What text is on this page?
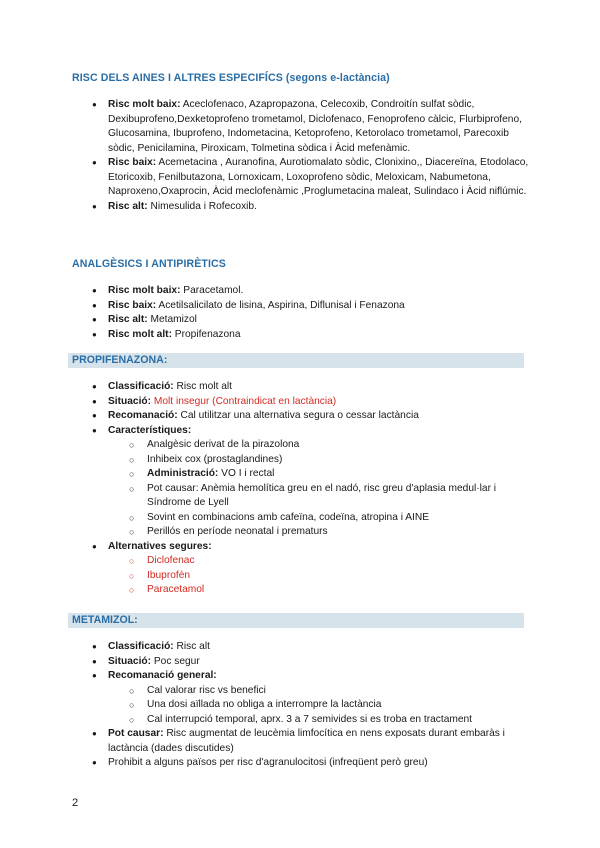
RISC DELS AINES I ALTRES ESPECIFÍCS (segons e-lactància)
● Risc molt baix: Aceclofenaco, Azapropazona, Celecoxib, Condroitín sulfat sòdic, Dexibuprofeno,Dexketoprofeno trometamol, Diclofenaco, Fenoprofeno càlcic, Flurbiprofeno, Glucosamina, Ibuprofeno, Indometacina, Ketoprofeno, Ketorolaco trometamol, Parecoxib sòdic, Penicilamina, Piroxicam, Tolmetina sòdica i Àcid mefenàmic.
● Risc baix: Acemetacina , Auranofina, Aurotiomalato sòdic, Clonixino,, Diacereïna, Etodolaco, Etoricoxib, Fenilbutazona, Lornoxicam, Loxoprofeno sòdic, Meloxicam, Nabumetona, Naproxeno,Oxaprocin, Àcid meclofenàmic ,Proglumetacina maleat, Sulindaco i Àcid niflúmic.
● Risc alt: Nimesulida i Rofecoxib.
ANALGÈSICS I ANTIPIRÈTICS
● Risc molt baix: Paracetamol.
● Risc baix: Acetilsalicilato de lisina, Aspirina, Diflunisal i Fenazona
● Risc alt: Metamizol
● Risc molt alt: Propifenazona
PROPIFENAZONA:
● Classificació: Risc molt alt
● Situació: Molt insegur (Contraindicat en lactància)
● Recomanació: Cal utilitzar una alternativa segura o cessar lactància
● Característiques:
○ Analgèsic derivat de la pirazolona
○ Inhibeix cox (prostaglandines)
○ Administració: VO I i rectal
○ Pot causar: Anèmia hemolítica greu en el nadó, risc greu d'aplasia medul·lar i Síndrome de Lyell
○ Sovint en combinacions amb cafeïna, codeïna, atropina i AINE
○ Perillós en període neonatal i prematurs
● Alternatives segures:
○ Diclofenac
○ Ibuprofèn
○ Paracetamol
METAMIZOL:
● Classificació: Risc alt
● Situació: Poc segur
● Recomanació general:
○ Cal valorar risc vs benefici
○ Una dosi aïllada no obliga a interrompre la lactància
○ Cal interrupció temporal, aprx. 3 a 7 semivides si es troba en tractament
● Pot causar: Risc augmentat de leucèmia limfocítica en nens exposats durant embaràs i lactància (dades discutides)
● Prohibit a alguns països per risc d'agranulocitosi (infreqüent però greu)
2
